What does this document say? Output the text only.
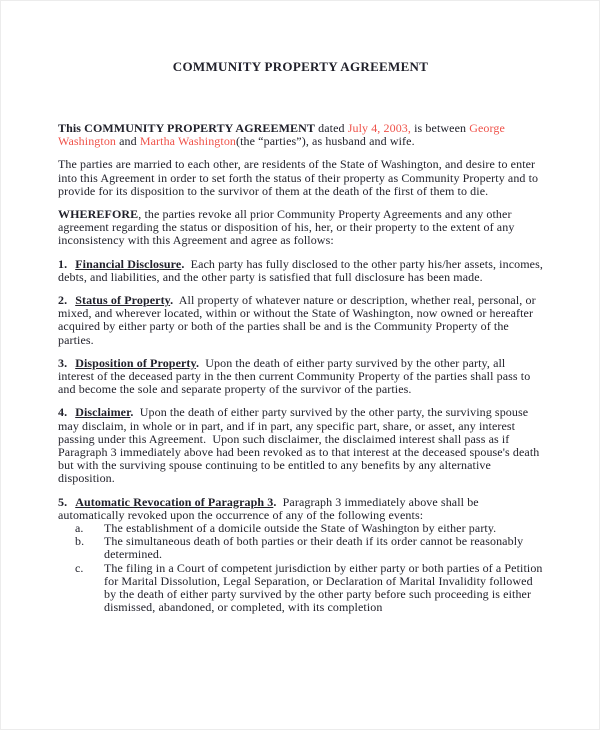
COMMUNITY PROPERTY AGREEMENT

This COMMUNITY PROPERTY AGREEMENT dated July 4, 2003, is between George Washington and Martha Washington(the “parties”), as husband and wife.

The parties are married to each other, are residents of the State of Washington, and desire to enter into this Agreement in order to set forth the status of their property as Community Property and to provide for its disposition to the survivor of them at the death of the first of them to die.

WHEREFORE, the parties revoke all prior Community Property Agreements and any other agreement regarding the status or disposition of his, her, or their property to the extent of any inconsistency with this Agreement and agree as follows:

1. Financial Disclosure.  Each party has fully disclosed to the other party his/her assets, incomes, debts, and liabilities, and the other party is satisfied that full disclosure has been made.

2. Status of Property.  All property of whatever nature or description, whether real, personal, or mixed, and wherever located, within or without the State of Washington, now owned or hereafter acquired by either party or both of the parties shall be and is the Community Property of the parties.

3. Disposition of Property.  Upon the death of either party survived by the other party, all interest of the deceased party in the then current Community Property of the parties shall pass to and become the sole and separate property of the survivor of the parties.

4. Disclaimer.  Upon the death of either party survived by the other party, the surviving spouse may disclaim, in whole or in part, and if in part, any specific part, share, or asset, any interest passing under this Agreement.  Upon such disclaimer, the disclaimed interest shall pass as if Paragraph 3 immediately above had been revoked as to that interest at the deceased spouse's death but with the surviving spouse continuing to be entitled to any benefits by any alternative disposition.

5. Automatic Revocation of Paragraph 3.  Paragraph 3 immediately above shall be automatically revoked upon the occurrence of any of the following events:

a. The establishment of a domicile outside the State of Washington by either party.
b. The simultaneous death of both parties or their death if its order cannot be reasonably determined.
c. The filing in a Court of competent jurisdiction by either party or both parties of a Petition for Marital Dissolution, Legal Separation, or Declaration of Marital Invalidity followed by the death of either party survived by the other party before such proceeding is either dismissed, abandoned, or completed, with its completion
